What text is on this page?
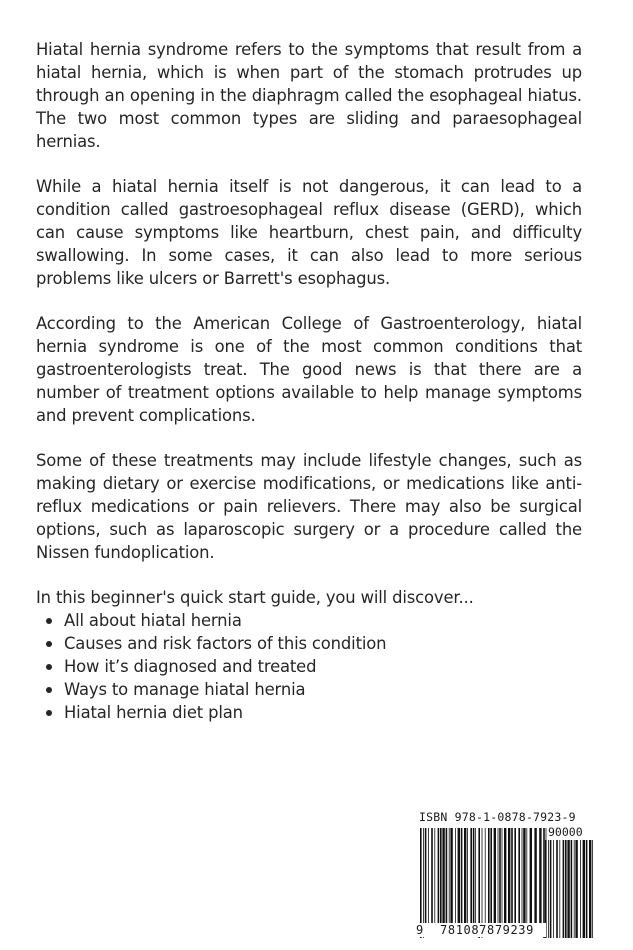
Hiatal hernia syndrome refers to the symptoms that result from a hiatal hernia, which is when part of the stomach protrudes up through an opening in the diaphragm called the esophageal hiatus. The two most common types are sliding and paraesophageal hernias.

While a hiatal hernia itself is not dangerous, it can lead to a condition called gastroesophageal reflux disease (GERD), which can cause symptoms like heartburn, chest pain, and difficulty swallowing. In some cases, it can also lead to more serious problems like ulcers or Barrett's esophagus.

According to the American College of Gastroenterology, hiatal hernia syndrome is one of the most common conditions that gastroenterologists treat. The good news is that there are a number of treatment options available to help manage symptoms and prevent complications.

Some of these treatments may include lifestyle changes, such as making dietary or exercise modifications, or medications like anti-reflux medications or pain relievers. There may also be surgical options, such as laparoscopic surgery or a procedure called the Nissen fundoplication.

In this beginner's quick start guide, you will discover...

All about hiatal hernia
Causes and risk factors of this condition
How it’s diagnosed and treated
Ways to manage hiatal hernia
Hiatal hernia diet plan
ISBN 978-1-0878-7923-9
90000
9	781087879239
